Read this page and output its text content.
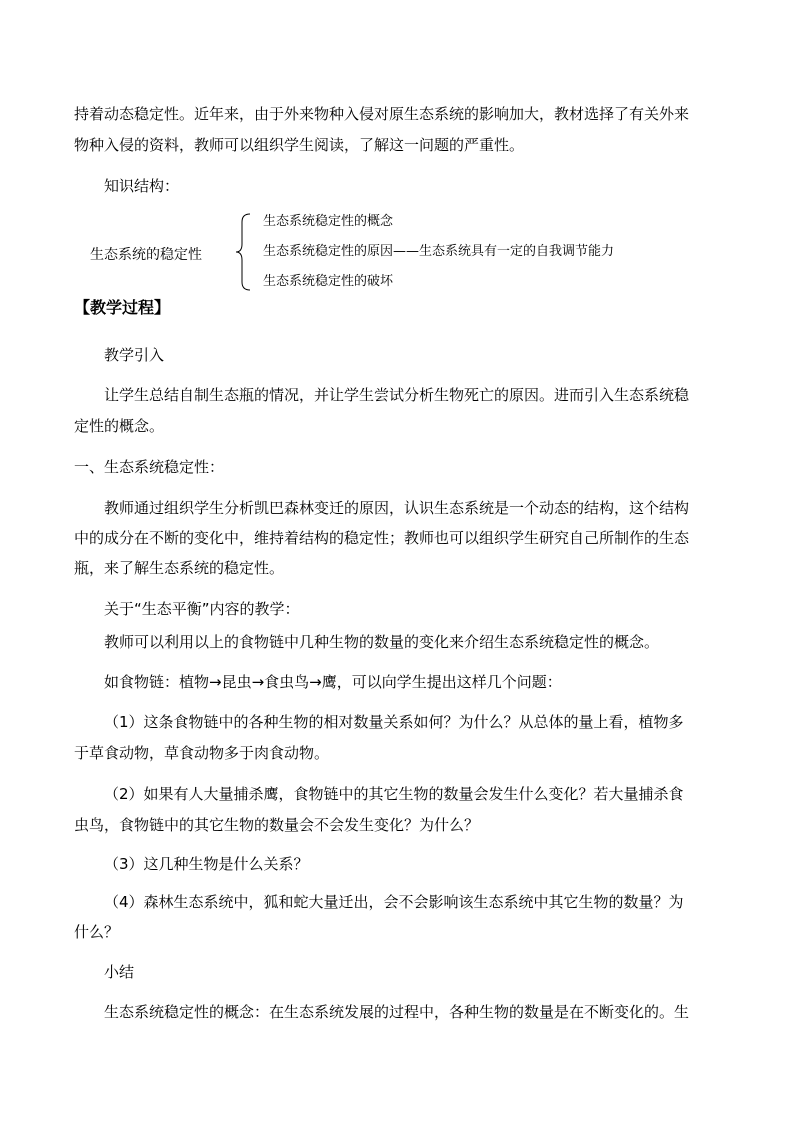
持着动态稳定性。近年来，由于外来物种入侵对原生态系统的影响加大，教材选择了有关外来
物种入侵的资料，教师可以组织学生阅读，了解这一问题的严重性。
知识结构：
生态系统的稳定性
生态系统稳定性的概念
生态系统稳定性的原因——生态系统具有一定的自我调节能力
生态系统稳定性的破坏
【教学过程】
教学引入
让学生总结自制生态瓶的情况，并让学生尝试分析生物死亡的原因。进而引入生态系统稳
定性的概念。
一、生态系统稳定性：
教师通过组织学生分析凯巴森林变迁的原因，认识生态系统是一个动态的结构，这个结构
中的成分在不断的变化中，维持着结构的稳定性；教师也可以组织学生研究自己所制作的生态
瓶，来了解生态系统的稳定性。
关于“生态平衡”内容的教学：
教师可以利用以上的食物链中几种生物的数量的变化来介绍生态系统稳定性的概念。
如食物链：植物→昆虫→食虫鸟→鹰，可以向学生提出这样几个问题：
（1）这条食物链中的各种生物的相对数量关系如何？为什么？从总体的量上看，植物多
于草食动物，草食动物多于肉食动物。
（2）如果有人大量捕杀鹰，食物链中的其它生物的数量会发生什么变化？若大量捕杀食
虫鸟，食物链中的其它生物的数量会不会发生变化？为什么？
（3）这几种生物是什么关系？
（4）森林生态系统中，狐和蛇大量迁出，会不会影响该生态系统中其它生物的数量？为
什么？
小结
生态系统稳定性的概念：在生态系统发展的过程中，各种生物的数量是在不断变化的。生
